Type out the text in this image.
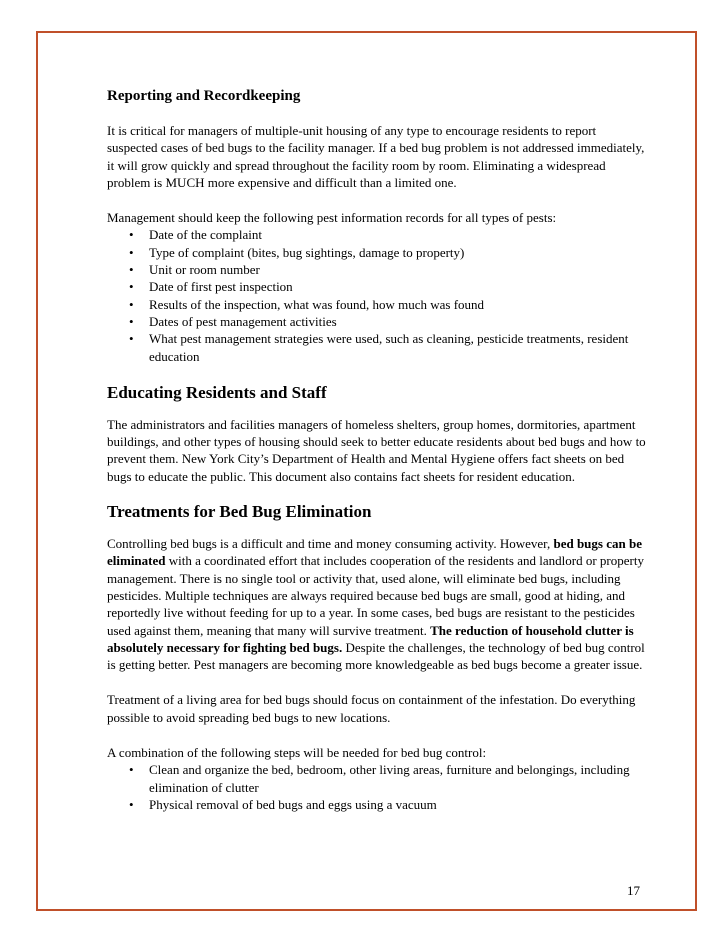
Reporting and Recordkeeping

It is critical for managers of multiple-unit housing of any type to encourage residents to report suspected cases of bed bugs to the facility manager. If a bed bug problem is not addressed immediately, it will grow quickly and spread throughout the facility room by room. Eliminating a widespread problem is MUCH more expensive and difficult than a limited one.

Management should keep the following pest information records for all types of pests:

• Date of the complaint
• Type of complaint (bites, bug sightings, damage to property)
• Unit or room number
• Date of first pest inspection
• Results of the inspection, what was found, how much was found
• Dates of pest management activities
• What pest management strategies were used, such as cleaning, pesticide treatments, resident education
Educating Residents and Staff

The administrators and facilities managers of homeless shelters, group homes, dormitories, apartment buildings, and other types of housing should seek to better educate residents about bed bugs and how to prevent them. New York City’s Department of Health and Mental Hygiene offers fact sheets on bed bugs to educate the public. This document also contains fact sheets for resident education.

Treatments for Bed Bug Elimination

Controlling bed bugs is a difficult and time and money consuming activity. However, bed bugs can be eliminated with a coordinated effort that includes cooperation of the residents and landlord or property management. There is no single tool or activity that, used alone, will eliminate bed bugs, including pesticides. Multiple techniques are always required because bed bugs are small, good at hiding, and reportedly live without feeding for up to a year. In some cases, bed bugs are resistant to the pesticides used against them, meaning that many will survive treatment. The reduction of household clutter is absolutely necessary for fighting bed bugs. Despite the challenges, the technology of bed bug control is getting better. Pest managers are becoming more knowledgeable as bed bugs become a greater issue.

Treatment of a living area for bed bugs should focus on containment of the infestation. Do everything possible to avoid spreading bed bugs to new locations.

A combination of the following steps will be needed for bed bug control:

• Clean and organize the bed, bedroom, other living areas, furniture and belongings, including elimination of clutter
• Physical removal of bed bugs and eggs using a vacuum
17
